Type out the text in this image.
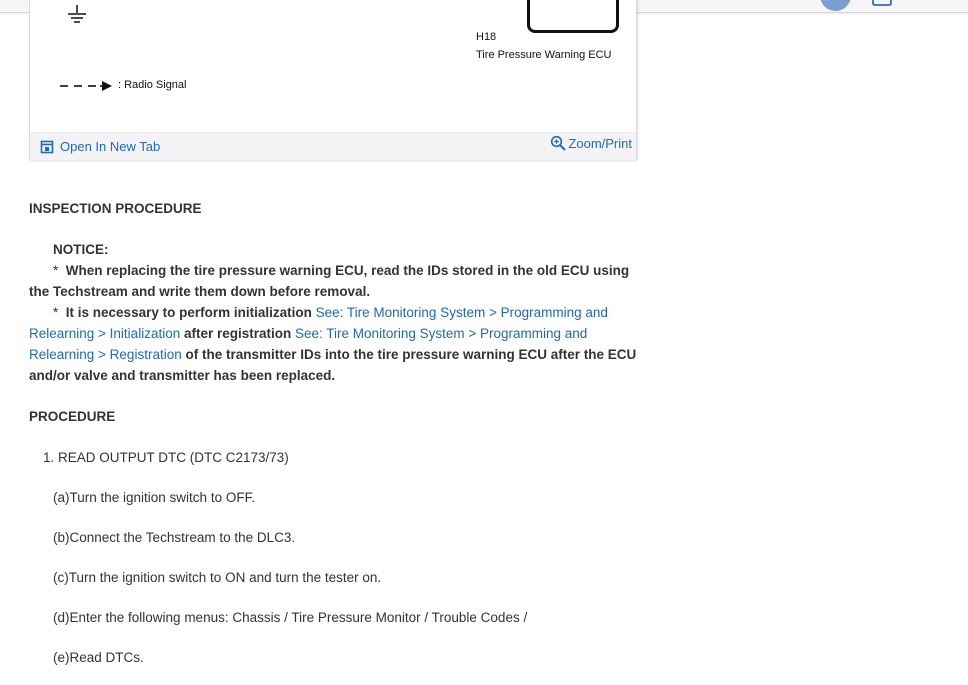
H18
Tire Pressure Warning ECU
: Radio Signal
Open In New Tab	Zoom/Print

INSPECTION PROCEDURE

NOTICE:

* When replacing the tire pressure warning ECU, read the IDs stored in the old ECU using the Techstream and write them down before removal.

* It is necessary to perform initialization See: Tire Monitoring System > Programming and Relearning > Initialization after registration See: Tire Monitoring System > Programming and Relearning > Registration of the transmitter IDs into the tire pressure warning ECU after the ECU and/or valve and transmitter has been replaced.

PROCEDURE

1. READ OUTPUT DTC (DTC C2173/73)

(a)Turn the ignition switch to OFF.

(b)Connect the Techstream to the DLC3.

(c)Turn the ignition switch to ON and turn the tester on.

(d)Enter the following menus: Chassis / Tire Pressure Monitor / Trouble Codes /

(e)Read DTCs.
